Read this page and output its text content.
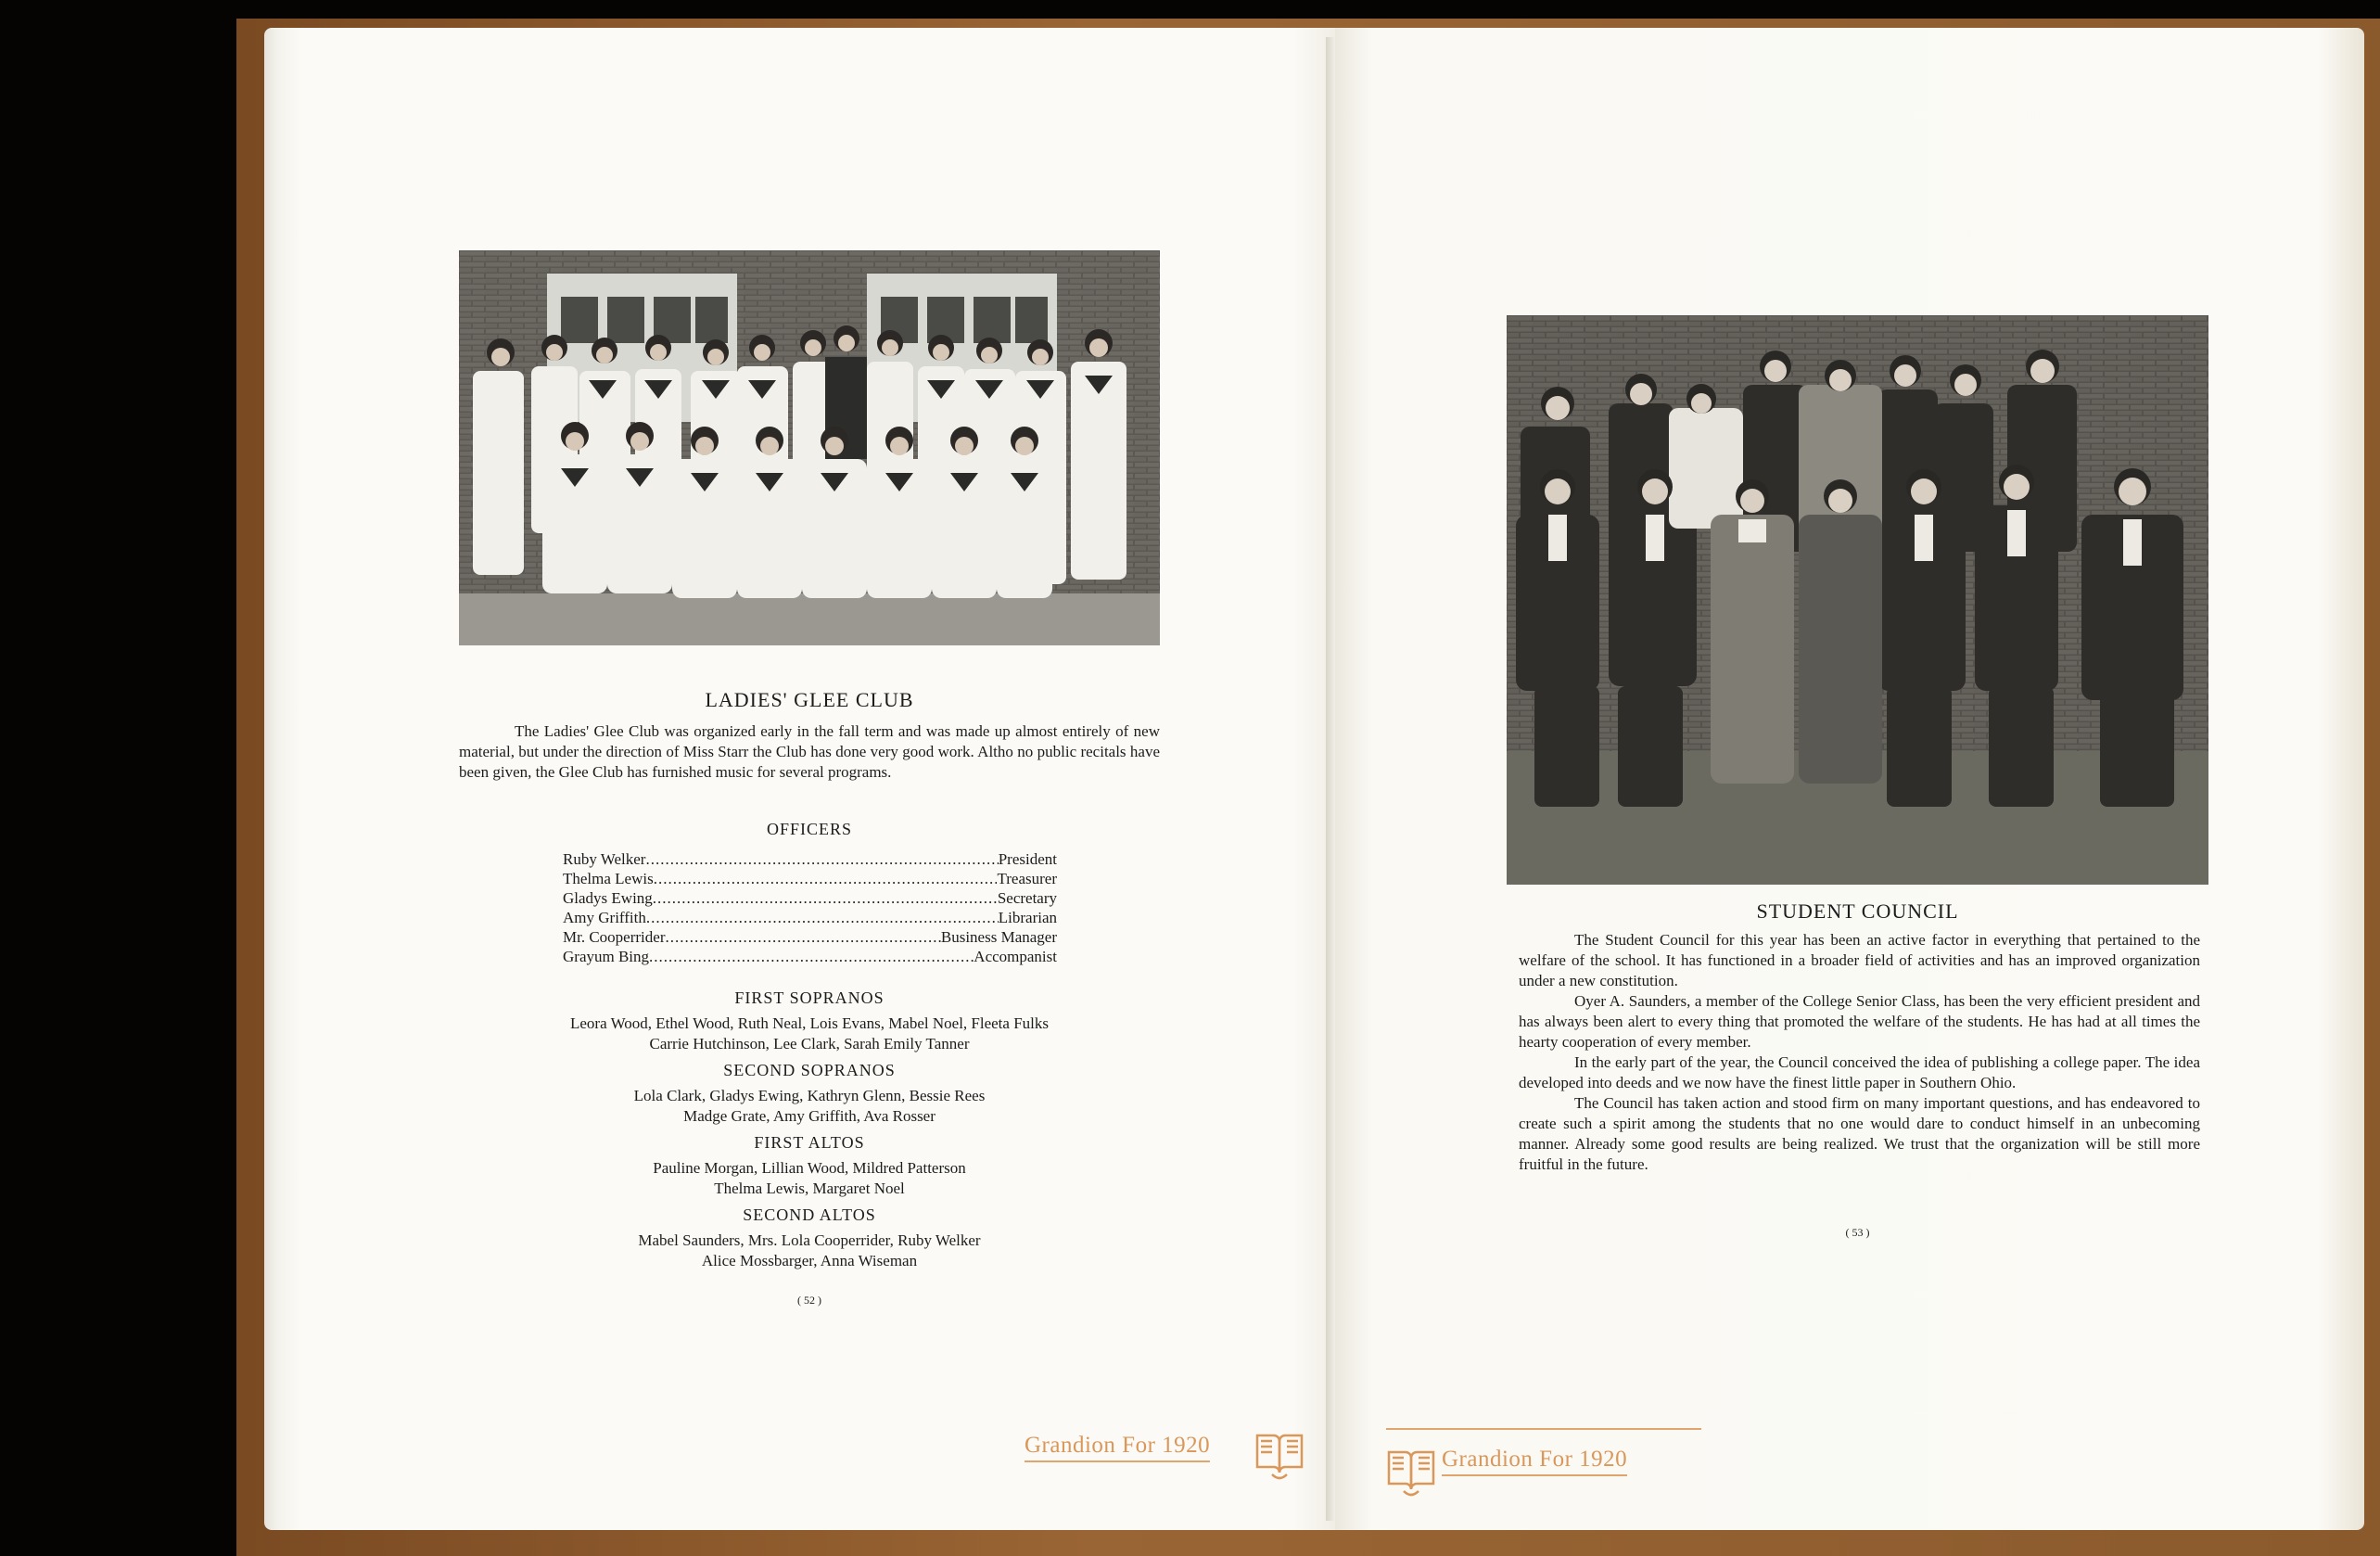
LADIES' GLEE CLUB

The Ladies' Glee Club was organized early in the fall term and was made up almost entirely of new material, but under the direction of Miss Starr the Club has done very good work. Altho no public recitals have been given, the Glee Club has furnished music for several programs.

OFFICERS
Ruby Welker .....	President
Thelma Lewis .....	Treasurer
Gladys Ewing .....	Secretary
Amy Griffith .....	Librarian
Mr. Cooperrider .....	Business Manager
Grayum Bing .....	Accompanist
FIRST SOPRANOS
Leora Wood, Ethel Wood, Ruth Neal, Lois Evans, Mabel Noel, Fleeta Fulks
Carrie Hutchinson, Lee Clark, Sarah Emily Tanner
SECOND SOPRANOS
Lola Clark, Gladys Ewing, Kathryn Glenn, Bessie Rees
Madge Grate, Amy Griffith, Ava Rosser
FIRST ALTOS
Pauline Morgan, Lillian Wood, Mildred Patterson
Thelma Lewis, Margaret Noel
SECOND ALTOS
Mabel Saunders, Mrs. Lola Cooperrider, Ruby Welker
Alice Mossbarger, Anna Wiseman
( 52 )
Grandion For 1920
STUDENT COUNCIL

The Student Council for this year has been an active factor in everything that pertained to the welfare of the school. It has functioned in a broader field of activities and has an improved organization under a new constitution.

Oyer A. Saunders, a member of the College Senior Class, has been the very efficient president and has always been alert to every thing that promoted the welfare of the students. He has had at all times the hearty cooperation of every member.

In the early part of the year, the Council conceived the idea of publishing a college paper. The idea developed into deeds and we now have the finest little paper in Southern Ohio.

The Council has taken action and stood firm on many important questions, and has endeavored to create such a spirit among the students that no one would dare to conduct himself in an unbecoming manner. Already some good results are being realized. We trust that the organization will be still more fruitful in the future.

( 53 )
Grandion For 1920
